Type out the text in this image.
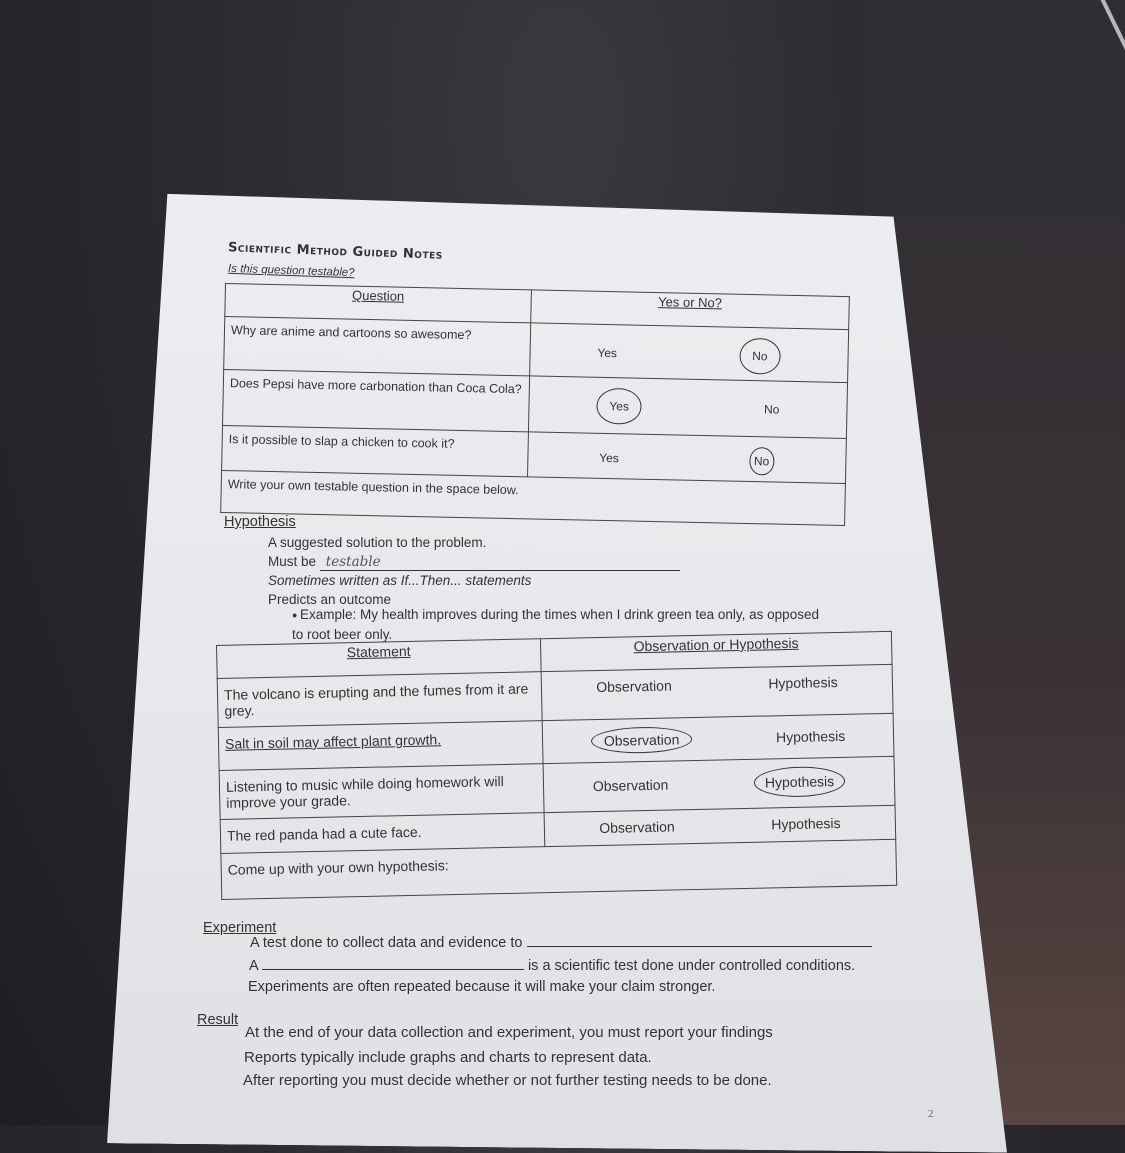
Scientific Method Guided Notes
Is this question testable?
Question	Yes or No?
Why are anime and cartoons so awesome?	Yes No

Does Pepsi have more carbonation than Coca Cola?	Yes No

Is it possible to slap a chicken to cook it?	Yes No

Write your own testable question in the space below.	
Hypothesis
A suggested solution to the problem.
Must be testable
Sometimes written as If...Then... statements
Predicts an outcome
● Example: My health improves during the times when I drink green tea only, as opposed to root beer only.
Statement	Observation or Hypothesis
The volcano is erupting and the fumes from it are grey.	Observation Hypothesis

Salt in soil may affect plant growth.	Observation Hypothesis

Listening to music while doing homework will improve your grade.	Observation Hypothesis

The red panda had a cute face.	Observation Hypothesis

Come up with your own hypothesis:	
Experiment
A test done to collect data and evidence to
A	is a scientific test done under controlled conditions.
Experiments are often repeated because it will make your claim stronger.
Result
At the end of your data collection and experiment, you must report your findings
Reports typically include graphs and charts to represent data.
After reporting you must decide whether or not further testing needs to be done.
2
